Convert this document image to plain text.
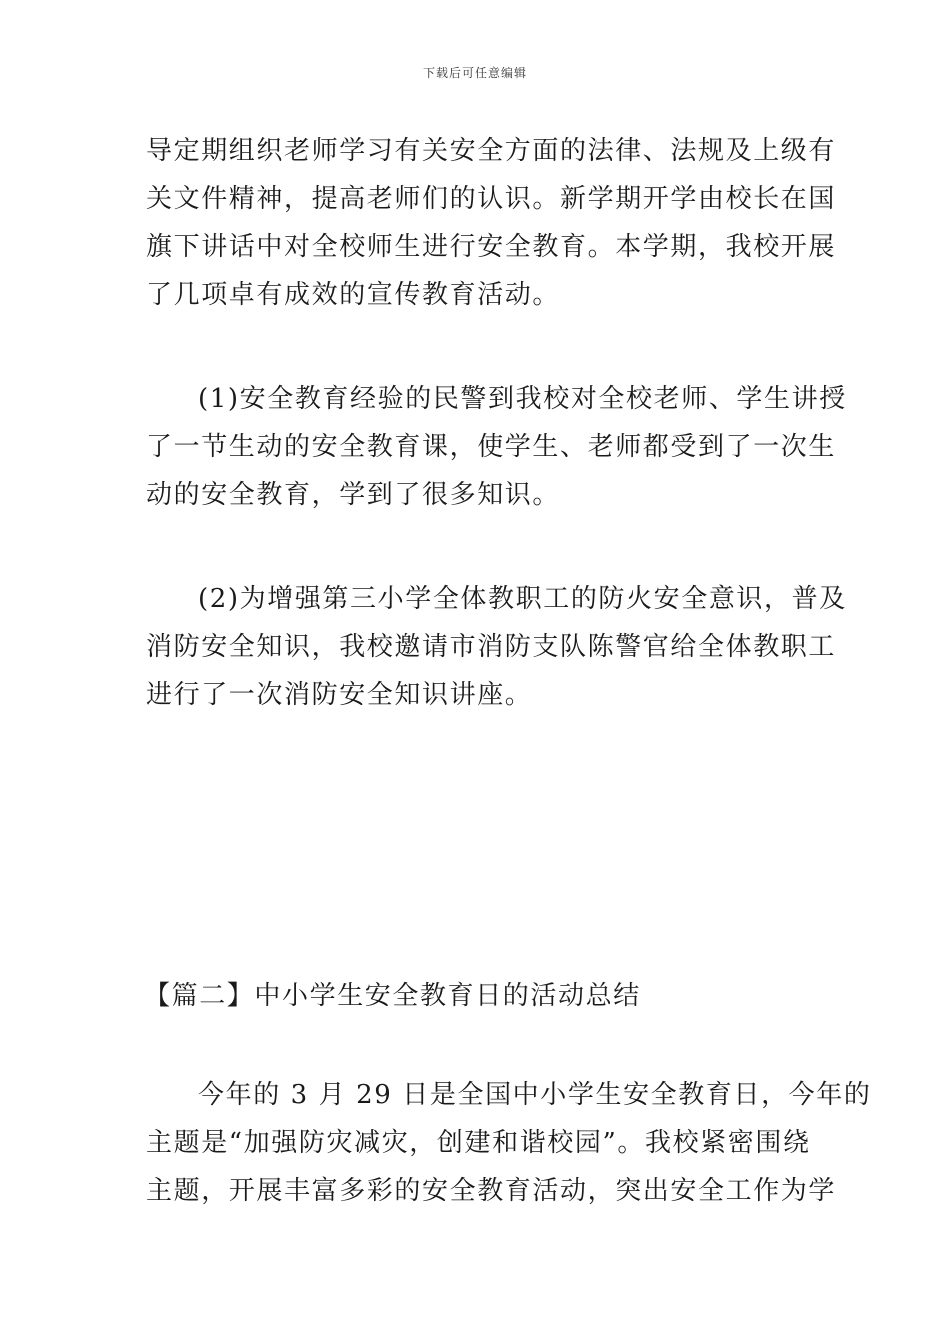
下载后可任意编辑
导定期组织老师学习有关安全方面的法律、法规及上级有
关文件精神，提高老师们的认识。新学期开学由校长在国
旗下讲话中对全校师生进行安全教育。本学期，我校开展
了几项卓有成效的宣传教育活动。
(1)安全教育经验的民警到我校对全校老师、学生讲授
了一节生动的安全教育课，使学生、老师都受到了一次生
动的安全教育，学到了很多知识。
(2)为增强第三小学全体教职工的防火安全意识，普及
消防安全知识，我校邀请市消防支队陈警官给全体教职工
进行了一次消防安全知识讲座。
【篇二】中小学生安全教育日的活动总结
今年的 3 月 29 日是全国中小学生安全教育日，今年的
主题是“加强防灾减灾，创建和谐校园”。我校紧密围绕
主题，开展丰富多彩的安全教育活动，突出安全工作为学
